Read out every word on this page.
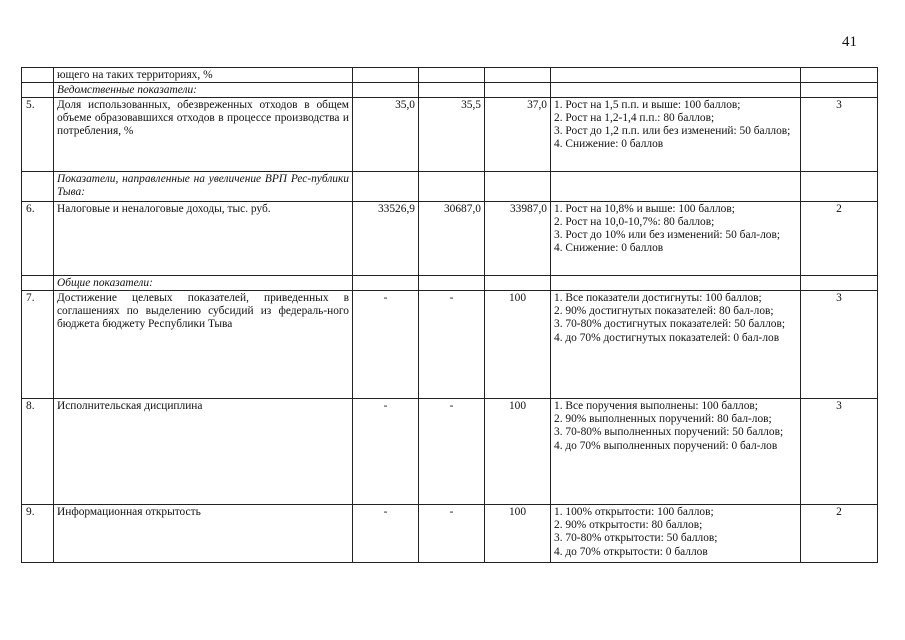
41
	ющего на таких территориях, %					
	Ведомственные показатели:					
5.	Доля использованных, обезвреженных отходов в общем объеме образовавшихся отходов в процессе производства и потребления, %	35,0	35,5	37,0	1. Рост на 1,5 п.п. и выше: 100 баллов;
2. Рост на 1,2-1,4 п.п.: 80 баллов;
3. Рост до 1,2 п.п. или без изменений: 50 баллов;
4. Снижение: 0 баллов	3
	Показатели, направленные на увеличение ВРП Рес-публики Тыва:					
6.	Налоговые и неналоговые доходы, тыс. руб.	33526,9	30687,0	33987,0	1. Рост на 10,8% и выше: 100 баллов;
2. Рост на 10,0-10,7%: 80 баллов;
3. Рост до 10% или без изменений: 50 бал-лов;
4. Снижение: 0 баллов	2
	Общие показатели:					
7.	Достижение целевых показателей, приведенных в соглашениях по выделению субсидий из федераль-ного бюджета бюджету Республики Тыва	-	-	100	1. Все показатели достигнуты: 100 баллов;
2. 90% достигнутых показателей: 80 бал-лов;
3. 70-80% достигнутых показателей: 50 баллов;
4. до 70% достигнутых показателей: 0 бал-лов	3
8.	Исполнительская дисциплина	-	-	100	1. Все поручения выполнены: 100 баллов;
2. 90% выполненных поручений: 80 бал-лов;
3. 70-80% выполненных поручений: 50 баллов;
4. до 70% выполненных поручений: 0 бал-лов	3
9.	Информационная открытость	-	-	100	1. 100% открытости: 100 баллов;
2. 90% открытости: 80 баллов;
3. 70-80% открытости: 50 баллов;
4. до 70% открытости: 0 баллов	2
